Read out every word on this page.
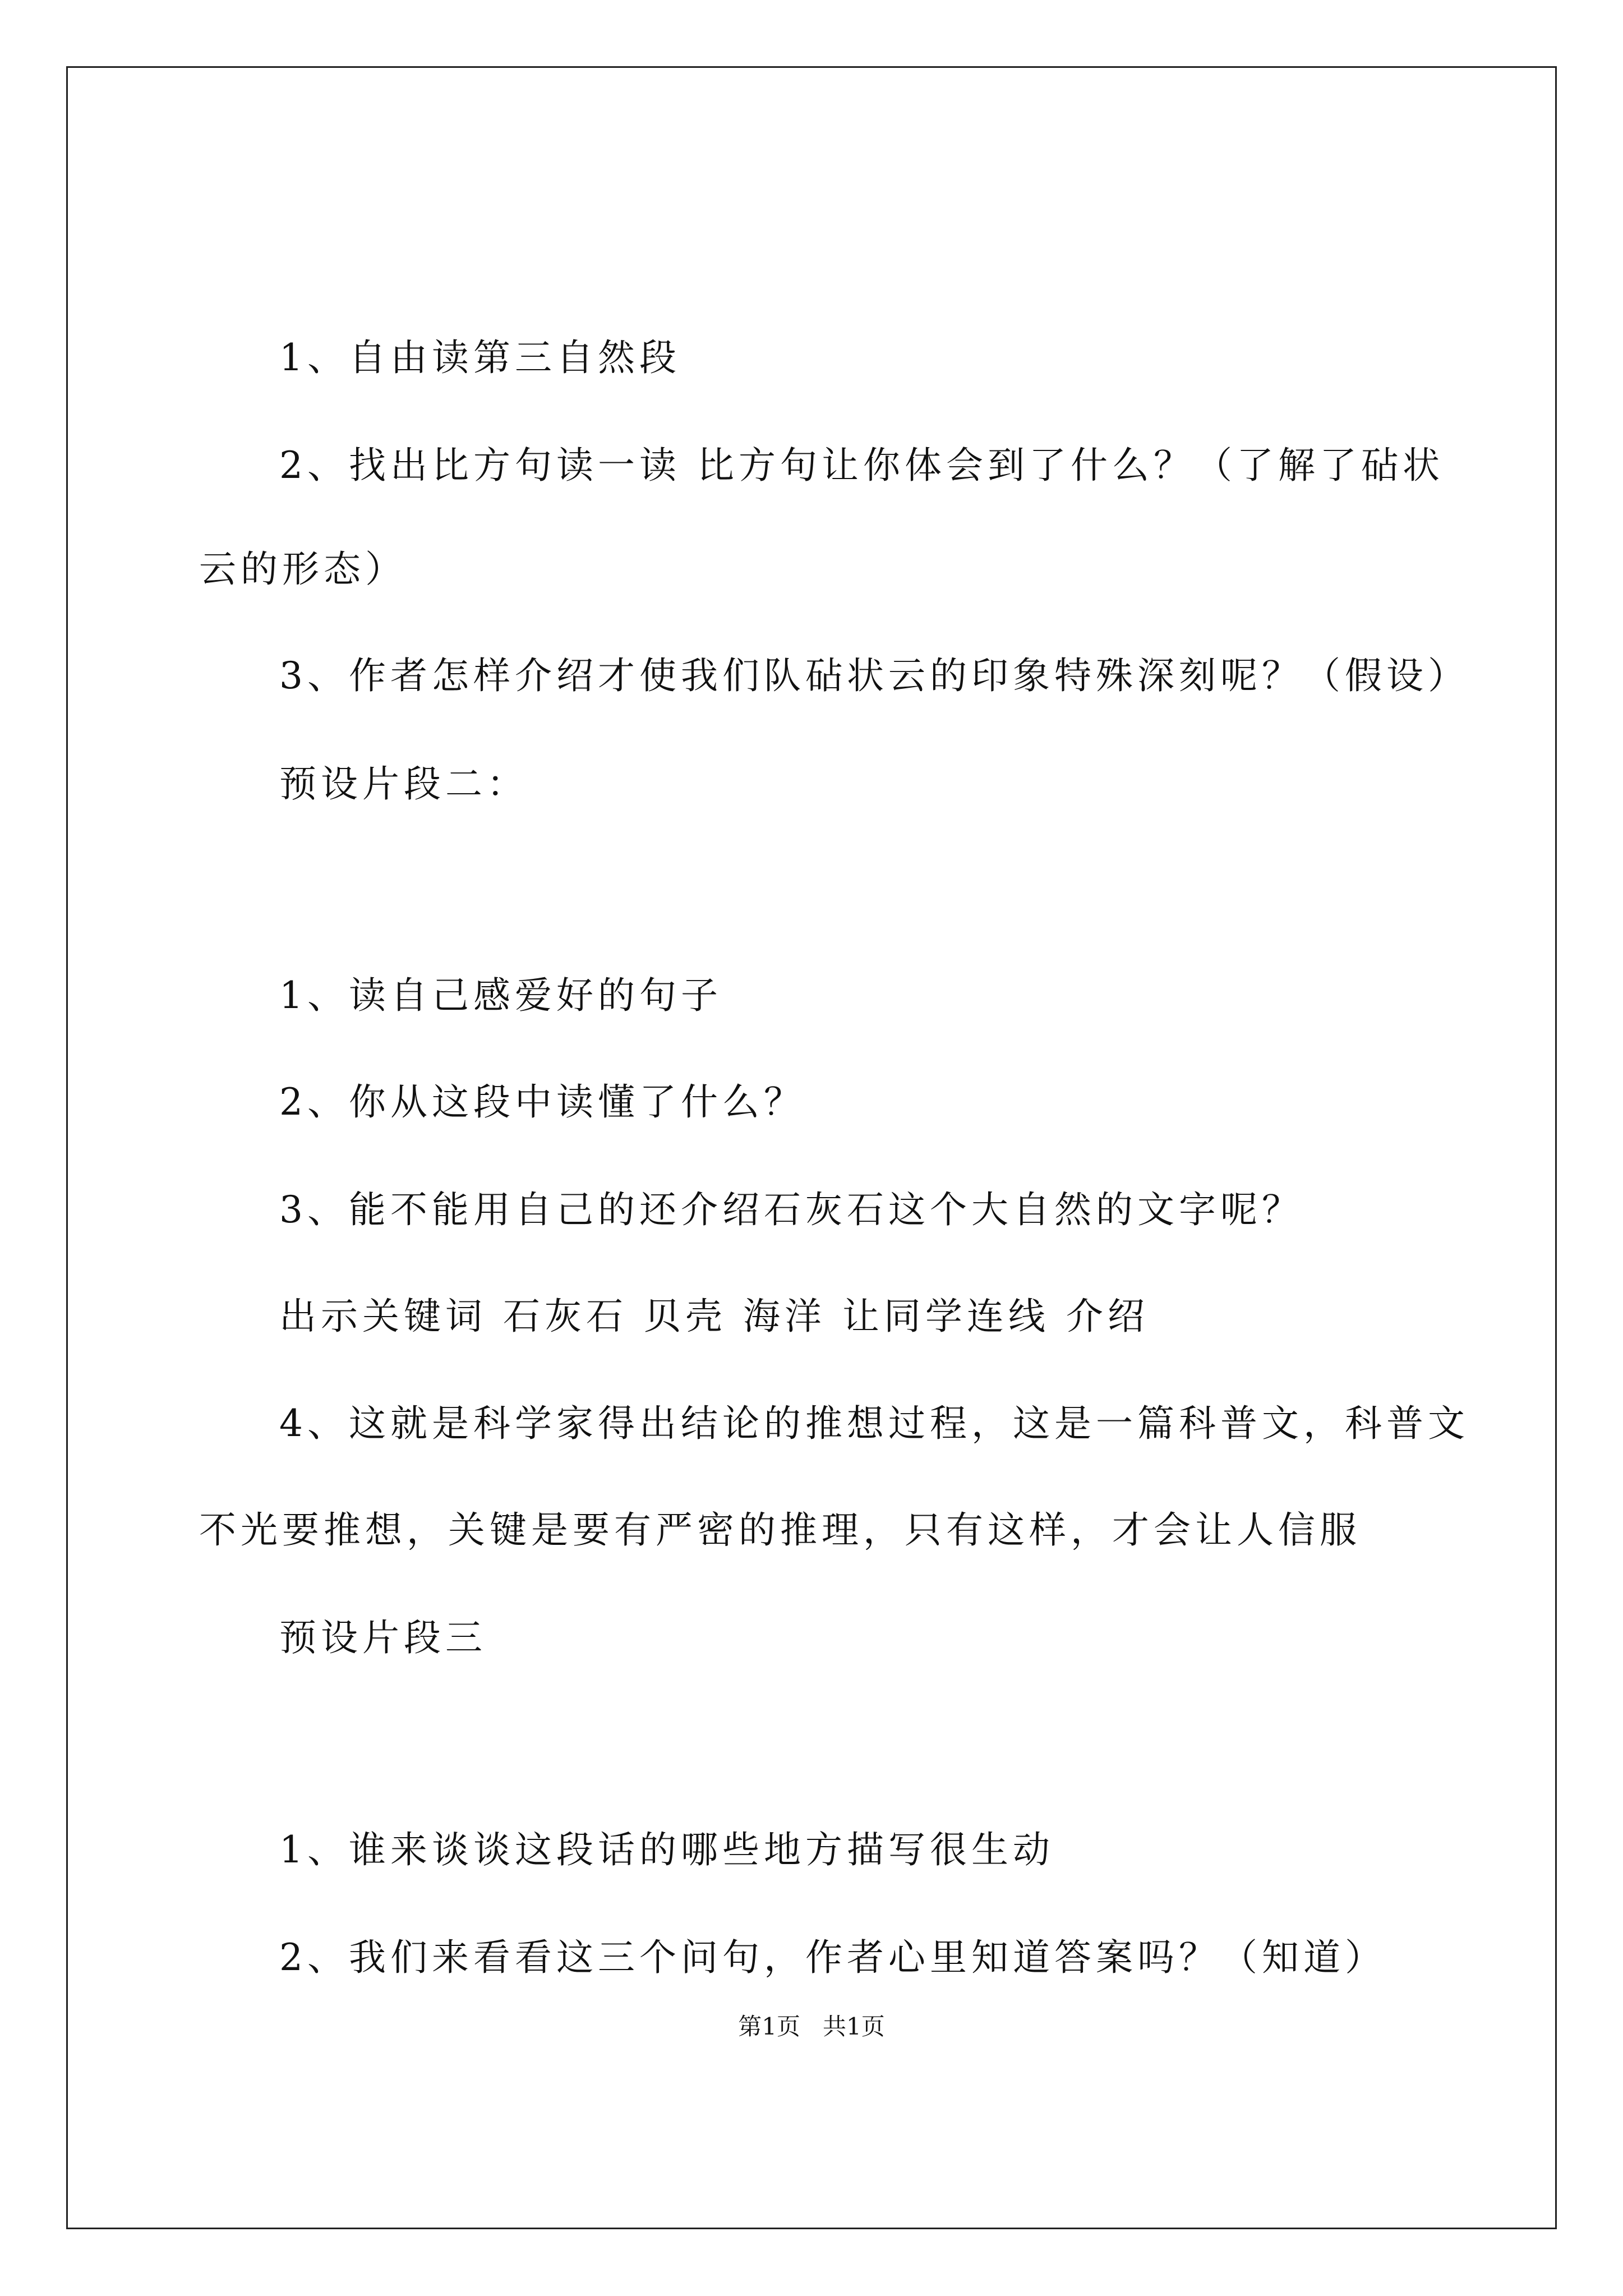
1、自由读第三自然段
2、找出比方句读一读 比方句让你体会到了什么？（了解了砧状
云的形态）
3、作者怎样介绍才使我们队砧状云的印象特殊深刻呢？（假设）
预设片段二：
1、读自己感爱好的句子
2、你从这段中读懂了什么？
3、能不能用自己的还介绍石灰石这个大自然的文字呢？
出示关键词 石灰石 贝壳 海洋 让同学连线 介绍
4、这就是科学家得出结论的推想过程，这是一篇科普文，科普文
不光要推想，关键是要有严密的推理，只有这样，才会让人信服
预设片段三
1、谁来谈谈这段话的哪些地方描写很生动
2、我们来看看这三个问句，作者心里知道答案吗？（知道）
第1页   共1页
